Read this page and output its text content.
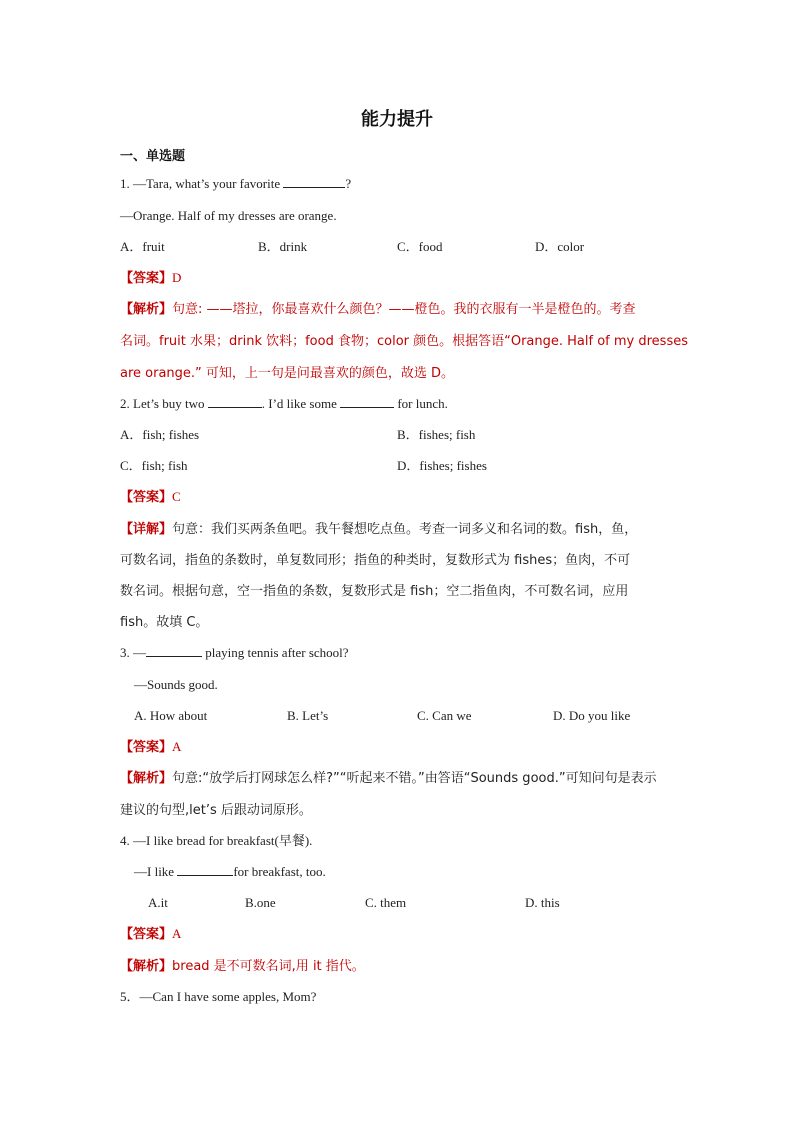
能力提升
一、单选题
1. —Tara, what’s your favorite	?
—Orange. Half of my dresses are orange.
A．fruit	B．drink	C．food	D．color
【答案】D
【解析】句意: ——塔拉，你最喜欢什么颜色？——橙色。我的衣服有一半是橙色的。考查
名词。fruit 水果；drink 饮料；food 食物；color 颜色。根据答语“Orange. Half of my dresses
are orange.” 可知，上一句是问最喜欢的颜色，故选 D。
2. Let’s buy two	. I’d like some	for lunch.
A．fish; fishes	B．fishes; fish
C．fish; fish	D．fishes; fishes
【答案】C
【详解】句意：我们买两条鱼吧。我午餐想吃点鱼。考查一词多义和名词的数。fish，鱼，
可数名词，指鱼的条数时，单复数同形；指鱼的种类时，复数形式为 fishes；鱼肉，不可
数名词。根据句意，空一指鱼的条数，复数形式是 fish；空二指鱼肉，不可数名词，应用
fish。故填 C。
3. —	playing tennis after school?
—Sounds good.
A. How about	B. Let’s	C. Can we	D. Do you like
【答案】A
【解析】句意:“放学后打网球怎么样?”“听起来不错。”由答语“Sounds good.”可知问句是表示
建议的句型,let’s 后跟动词原形。
4. —I like bread for breakfast(早餐).
—I like	for breakfast, too.
A.it	B.one	C. them	D. this
【答案】A
【解析】bread 是不可数名词,用 it 指代。
5．—Can I have some apples, Mom?
